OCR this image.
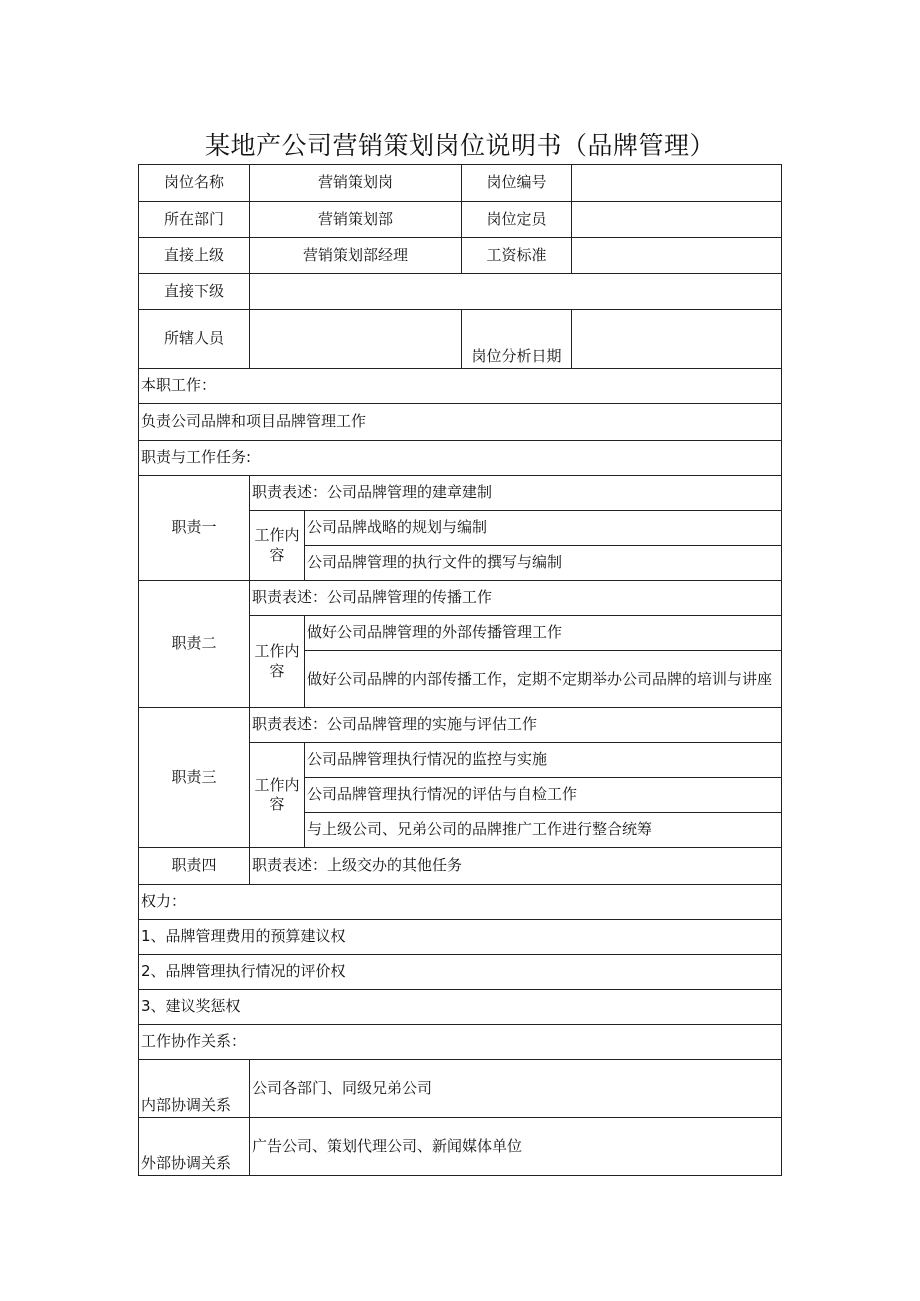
某地产公司营销策划岗位说明书（品牌管理）
岗位名称	营销策划岗		岗位编号	
所在部门	营销策划部		岗位定员	
直接上级	营销策划部经理		工资标准	
直接下级				
所辖人员			岗位分析日期	
本职工作：				
负责公司品牌和项目品牌管理工作				
职责与工作任务:				
职责一	职责表述：公司品牌管理的建章建制			
	工作内容	公司品牌战略的规划与编制		
		公司品牌管理的执行文件的撰写与编制		
职责二	职责表述：公司品牌管理的传播工作			
	工作内容	做好公司品牌管理的外部传播管理工作		
		做好公司品牌的内部传播工作，定期不定期举办公司品牌的培训与讲座		
职责三	职责表述：公司品牌管理的实施与评估工作			
	工作内容	公司品牌管理执行情况的监控与实施		
		公司品牌管理执行情况的评估与自检工作		
		与上级公司、兄弟公司的品牌推广工作进行整合统筹		
职责四	职责表述：上级交办的其他任务			
权力：				
1、品牌管理费用的预算建议权				
2、品牌管理执行情况的评价权				
3、建议奖惩权				
工作协作关系：				
内部协调关系	公司各部门、同级兄弟公司			
外部协调关系	广告公司、策划代理公司、新闻媒体单位			
